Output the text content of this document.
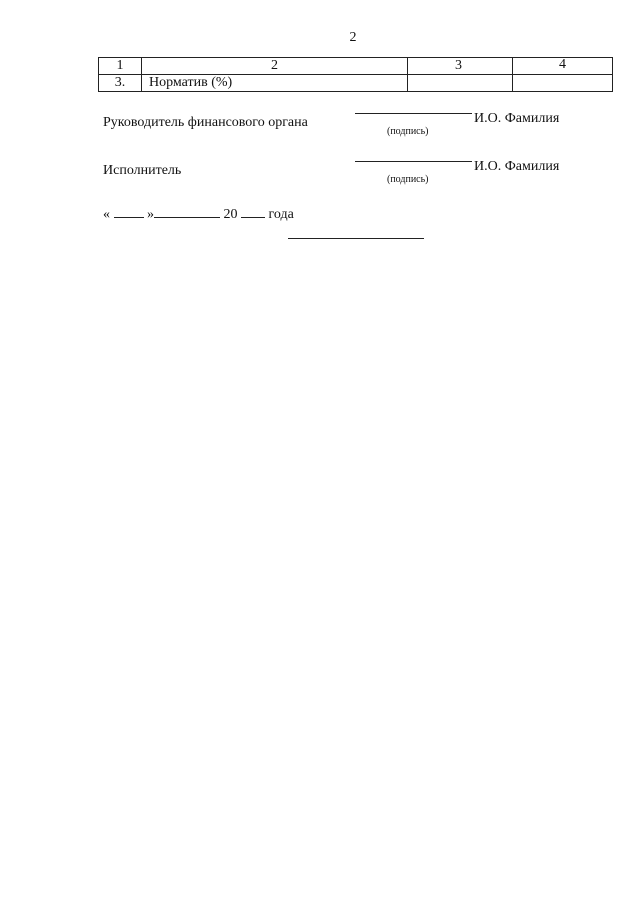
2
1	2	3	4
3.	Норматив (%)		
Руководитель финансового органа
(подпись)
И.О. Фамилия
Исполнитель
(подпись)
И.О. Фамилия
«	»	20 года
